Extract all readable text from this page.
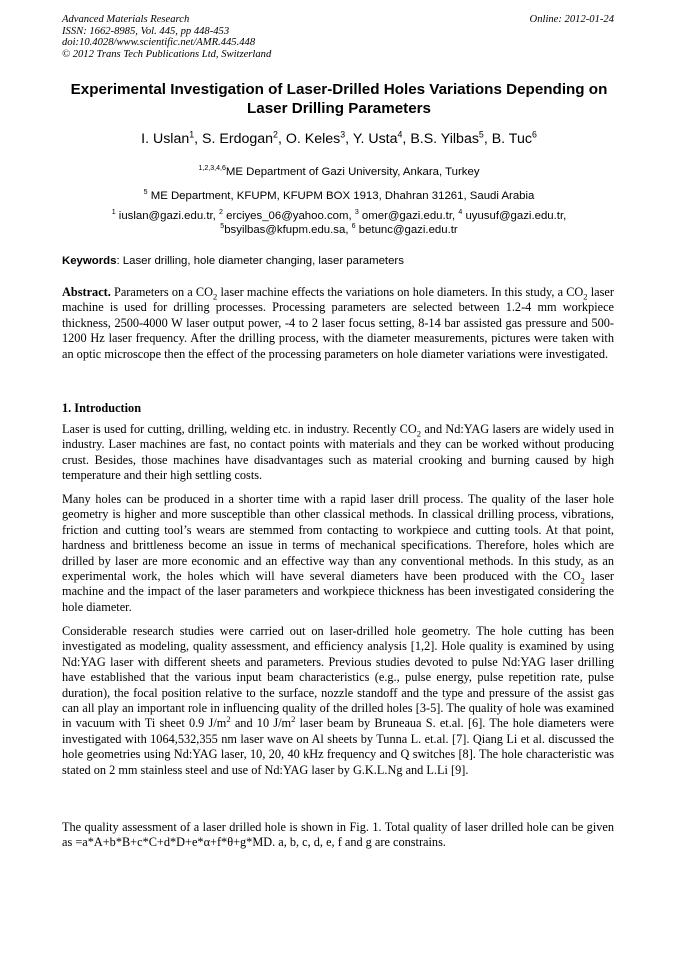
Advanced Materials Research
ISSN: 1662-8985, Vol. 445, pp 448-453
doi:10.4028/www.scientific.net/AMR.445.448
© 2012 Trans Tech Publications Ltd, Switzerland
Online: 2012-01-24
Experimental Investigation of Laser-Drilled Holes Variations Depending on Laser Drilling Parameters
I. Uslan$^1$, S. Erdogan$^2$, O. Keles$^3$, Y. Usta$^4$, B.S. Yilbas$^5$, B. Tuc$^6$
$^{1,2,3,4,6}$ME Department of Gazi University, Ankara, Turkey
$^5$ ME Department, KFUPM, KFUPM BOX 1913, Dhahran 31261, Saudi Arabia
$^1$ iuslan@gazi.edu.tr, $^2$ erciyes_06@yahoo.com, $^3$ omer@gazi.edu.tr, $^4$ uyusuf@gazi.edu.tr,
$^5$bsyilbas@kfupm.edu.sa, $^6$ betunc@gazi.edu.tr
Keywords: Laser drilling, hole diameter changing, laser parameters
Abstract. Parameters on a $CO_2$ laser machine effects the variations on hole diameters. In this study, a $CO_2$ laser machine is used for drilling processes. Processing parameters are selected between 1.2-4 mm workpiece thickness, 2500-4000 W laser output power, -4 to 2 laser focus setting, 8-14 bar assisted gas pressure and 500-1200 Hz laser frequency. After the drilling process, with the diameter measurements, pictures were taken with an optic microscope then the effect of the processing parameters on hole diameter variations were investigated.
1. Introduction
Laser is used for cutting, drilling, welding etc. in industry. Recently $CO_2$ and Nd:YAG lasers are widely used in industry. Laser machines are fast, no contact points with materials and they can be worked without producing crust. Besides, those machines have disadvantages such as material crooking and burning caused by high temperature and their high settling costs.
Many holes can be produced in a shorter time with a rapid laser drill process. The quality of the laser hole geometry is higher and more susceptible than other classical methods. In classical drilling process, vibrations, friction and cutting tool’s wears are stemmed from contacting to workpiece and cutting tools. At that point, hardness and brittleness become an issue in terms of mechanical specifications. Therefore, holes which are drilled by laser are more economic and an effective way than any conventional methods. In this study, as an experimental work, the holes which will have several diameters have been produced with the $CO_2$ laser machine and the impact of the laser parameters and workpiece thickness has been investigated considering the hole diameter.
Considerable research studies were carried out on laser-drilled hole geometry. The hole cutting has been investigated as modeling, quality assessment, and efficiency analysis [1,2]. Hole quality is examined by using Nd:YAG laser with different sheets and parameters. Previous studies devoted to pulse Nd:YAG laser drilling have established that the various input beam characteristics (e.g., pulse energy, pulse repetition rate, pulse duration), the focal position relative to the surface, nozzle standoff and the type and pressure of the assist gas can all play an important role in influencing quality of the drilled holes [3-5]. The quality of hole was examined in vacuum with Ti sheet 0.9 $J/m^2$ and 10 $J/m^2$ laser beam by Bruneaua S. et.al. [6]. The hole diameters were investigated with 1064,532,355 nm laser wave on Al sheets by Tunna L. et.al. [7]. Qiang Li et al. discussed the hole geometries using Nd:YAG laser, 10, 20, 40 kHz frequency and Q switches [8]. The hole characteristic was stated on 2 mm stainless steel and use of Nd:YAG laser by G.K.L.Ng and L.Li [9].
The quality assessment of a laser drilled hole is shown in Fig. 1. Total quality of laser drilled hole can be given as =a*A+b*B+c*C+d*D+e*α+f*θ+g*MD. a, b, c, d, e, f and g are constrains.
